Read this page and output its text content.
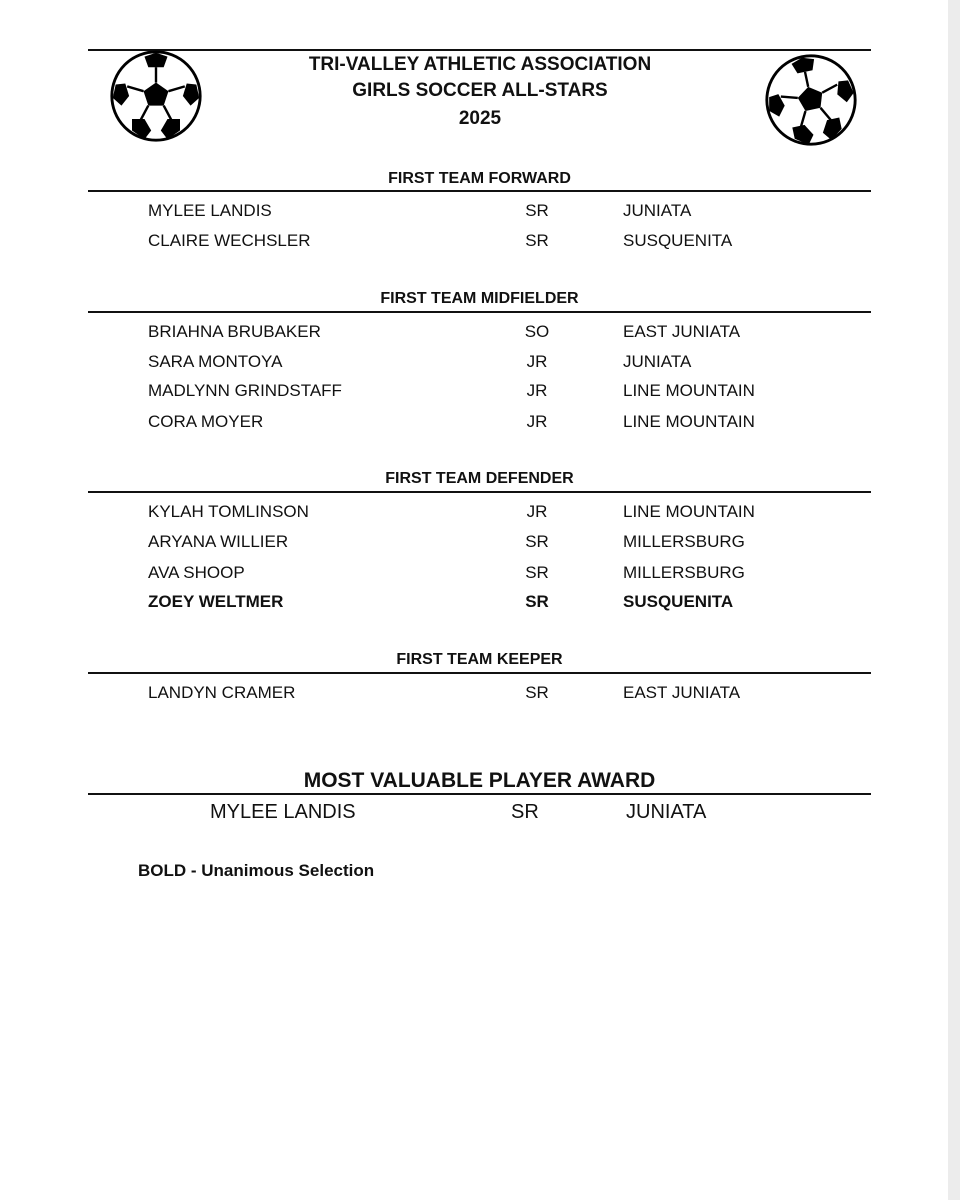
TRI-VALLEY ATHLETIC ASSOCIATION
GIRLS SOCCER ALL-STARS
2025
FIRST TEAM FORWARD
MYLEE LANDIS	SR	JUNIATA
CLAIRE WECHSLER	SR	SUSQUENITA
FIRST TEAM MIDFIELDER
BRIAHNA BRUBAKER	SO	EAST JUNIATA
SARA MONTOYA	JR	JUNIATA
MADLYNN GRINDSTAFF	JR	LINE MOUNTAIN
CORA MOYER	JR	LINE MOUNTAIN
FIRST TEAM DEFENDER
KYLAH TOMLINSON	JR	LINE MOUNTAIN
ARYANA WILLIER	SR	MILLERSBURG
AVA SHOOP	SR	MILLERSBURG
ZOEY WELTMER	SR	SUSQUENITA
FIRST TEAM KEEPER
LANDYN CRAMER	SR	EAST JUNIATA
MOST VALUABLE PLAYER AWARD
MYLEE LANDIS	SR	JUNIATA
BOLD - Unanimous Selection
